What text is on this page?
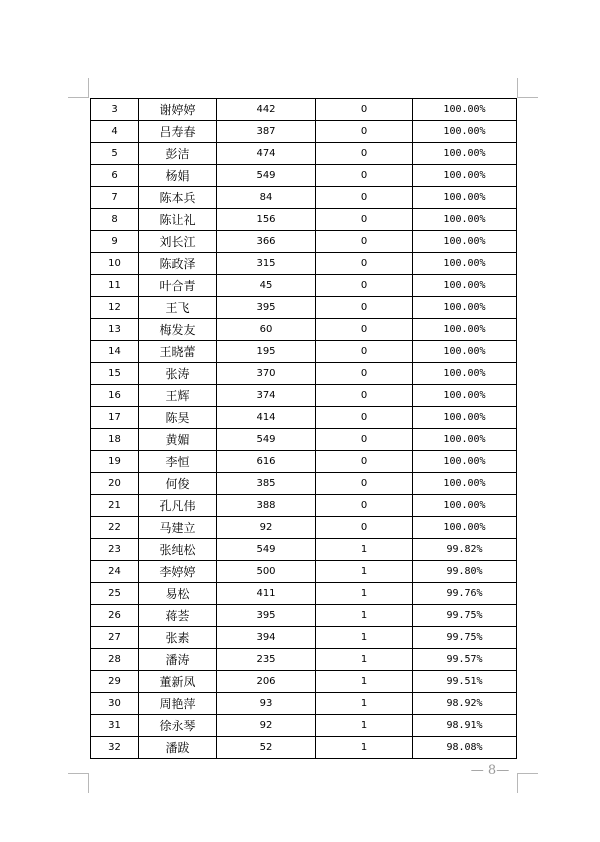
3	谢婷婷	442	0	100.00%
4	吕寿春	387	0	100.00%
5	彭洁	474	0	100.00%
6	杨娟	549	0	100.00%
7	陈本兵	84	0	100.00%
8	陈让礼	156	0	100.00%
9	刘长江	366	0	100.00%
10	陈政泽	315	0	100.00%
11	叶合青	45	0	100.00%
12	王飞	395	0	100.00%
13	梅发友	60	0	100.00%
14	王晓蕾	195	0	100.00%
15	张涛	370	0	100.00%
16	王辉	374	0	100.00%
17	陈昊	414	0	100.00%
18	黄媚	549	0	100.00%
19	李恒	616	0	100.00%
20	何俊	385	0	100.00%
21	孔凡伟	388	0	100.00%
22	马建立	92	0	100.00%
23	张纯松	549	1	99.82%
24	李婷婷	500	1	99.80%
25	易松	411	1	99.76%
26	蒋荟	395	1	99.75%
27	张素	394	1	99.75%
28	潘涛	235	1	99.57%
29	董新凤	206	1	99.51%
30	周艳萍	93	1	98.92%
31	徐永琴	92	1	98.91%
32	潘跋	52	1	98.08%
— 8—
